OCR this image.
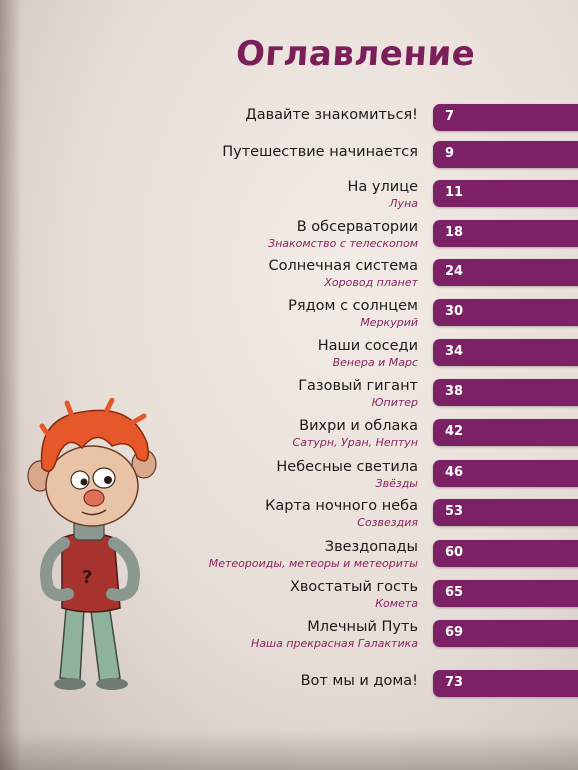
Оглавление
Давайте знакомиться! 7
Путешествие начинается 9
На улице
Луна
11
В обсерватории
Знакомство с телескопом
18
Солнечная система
Хоровод планет
24
Рядом с солнцем
Меркурий
30
Наши соседи
Венера и Марс
34
Газовый гигант
Юпитер
38
Вихри и облака
Сатурн, Уран, Нептун
42
Небесные светила
Звёзды
46
Карта ночного неба
Созвездия
53
Звездопады
Метеороиды, метеоры и метеориты
60
Хвостатый гость
Комета
65
Млечный Путь
Наша прекрасная Галактика
69
Вот мы и дома! 73
?
